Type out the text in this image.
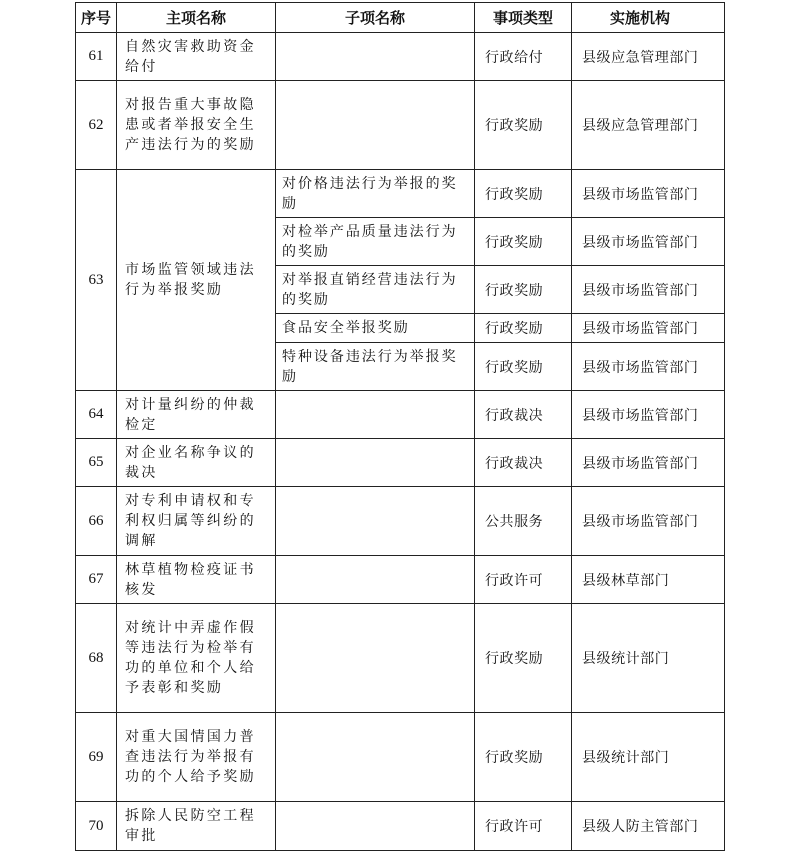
序号	主项名称	子项名称	事项类型	实施机构
61	自然灾害救助资金给付		行政给付	县级应急管理部门
62	对报告重大事故隐患或者举报安全生产违法行为的奖励		行政奖励	县级应急管理部门
63	市场监管领域违法行为举报奖励	对价格违法行为举报的奖励	行政奖励	县级市场监管部门
		对检举产品质量违法行为的奖励	行政奖励	县级市场监管部门
		对举报直销经营违法行为的奖励	行政奖励	县级市场监管部门
		食品安全举报奖励	行政奖励	县级市场监管部门
		特种设备违法行为举报奖励	行政奖励	县级市场监管部门
64	对计量纠纷的仲裁检定		行政裁决	县级市场监管部门
65	对企业名称争议的裁决		行政裁决	县级市场监管部门
66	对专利申请权和专利权归属等纠纷的调解		公共服务	县级市场监管部门
67	林草植物检疫证书核发		行政许可	县级林草部门
68	对统计中弄虚作假等违法行为检举有功的单位和个人给予表彰和奖励		行政奖励	县级统计部门
69	对重大国情国力普查违法行为举报有功的个人给予奖励		行政奖励	县级统计部门
70	拆除人民防空工程审批		行政许可	县级人防主管部门
